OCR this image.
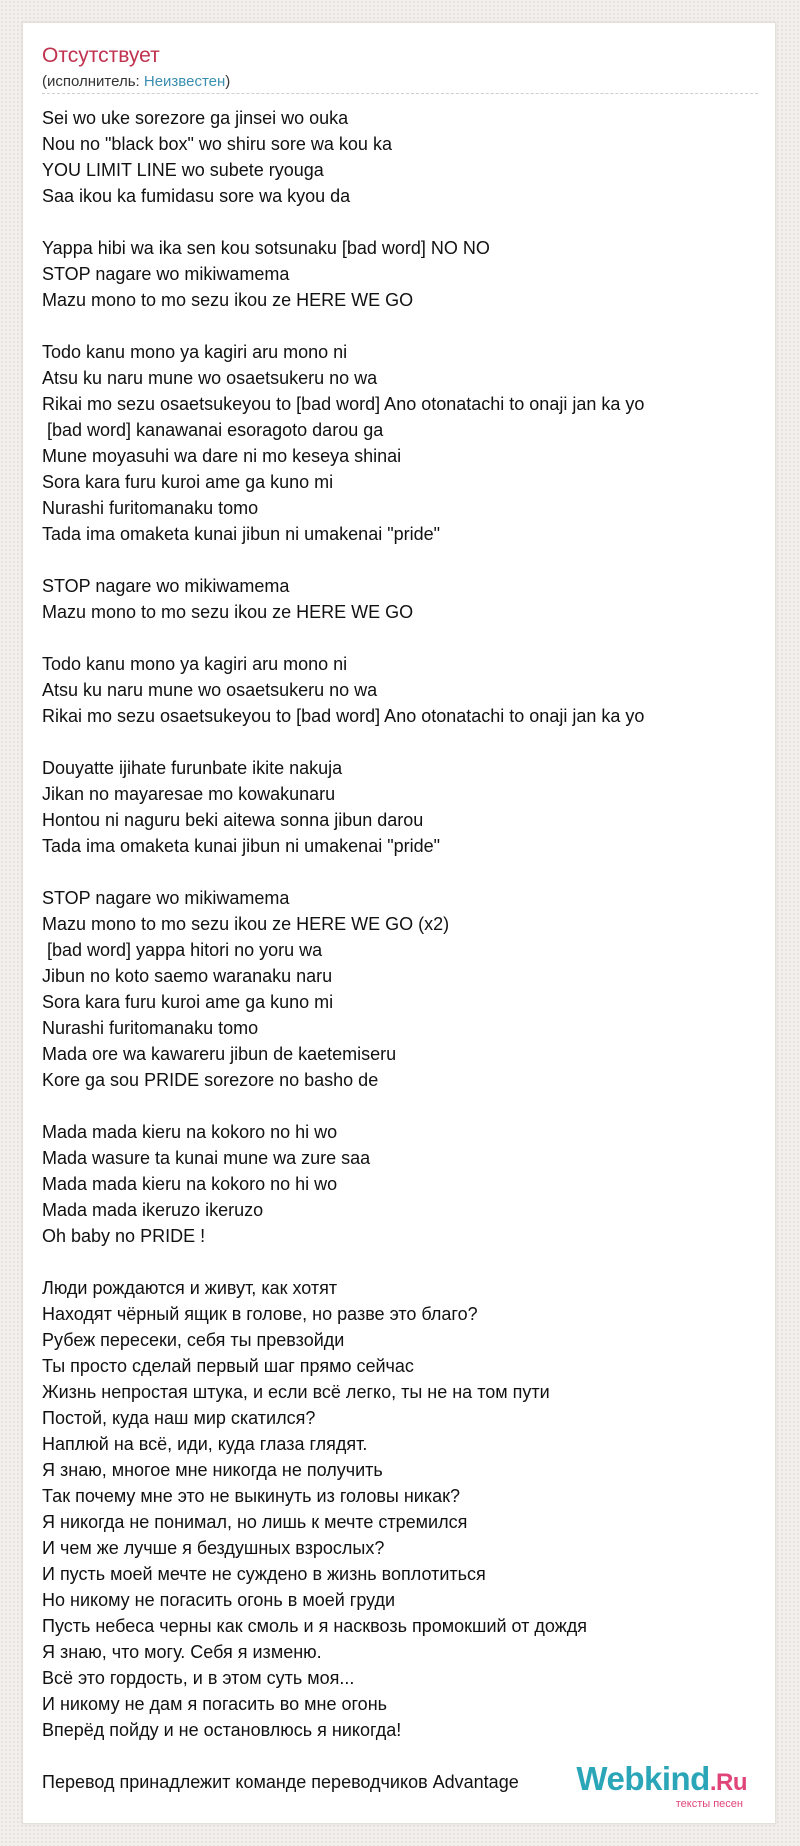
Отсутствует
(исполнитель: Неизвестен)
Sei wo uke sorezore ga jinsei wo ouka
Nou no "black box" wo shiru sore wa kou ka
YOU LIMIT LINE wo subete ryouga
Saa ikou ka fumidasu sore wa kyou da
Yappa hibi wa ika sen kou sotsunaku [bad word] NO NO
STOP nagare wo mikiwamema
Mazu mono to mo sezu ikou ze HERE WE GO
Todo kanu mono ya kagiri aru mono ni
Atsu ku naru mune wo osaetsukeru no wa
Rikai mo sezu osaetsukeyou to [bad word] Ano otonatachi to onaji jan ka yo
[bad word] kanawanai esoragoto darou ga
Mune moyasuhi wa dare ni mo keseya shinai
Sora kara furu kuroi ame ga kuno mi
Nurashi furitomanaku tomo
Tada ima omaketa kunai jibun ni umakenai "pride"
STOP nagare wo mikiwamema
Mazu mono to mo sezu ikou ze HERE WE GO
Todo kanu mono ya kagiri aru mono ni
Atsu ku naru mune wo osaetsukeru no wa
Rikai mo sezu osaetsukeyou to [bad word] Ano otonatachi to onaji jan ka yo
Douyatte ijihate furunbate ikite nakuja
Jikan no mayaresae mo kowakunaru
Hontou ni naguru beki aitewa sonna jibun darou
Tada ima omaketa kunai jibun ni umakenai "pride"
STOP nagare wo mikiwamema
Mazu mono to mo sezu ikou ze HERE WE GO (x2)
[bad word] yappa hitori no yoru wa
Jibun no koto saemo waranaku naru
Sora kara furu kuroi ame ga kuno mi
Nurashi furitomanaku tomo
Mada ore wa kawareru jibun de kaetemiseru
Kore ga sou PRIDE sorezore no basho de
Mada mada kieru na kokoro no hi wo
Mada wasure ta kunai mune wa zure saa
Mada mada kieru na kokoro no hi wo
Mada mada ikeruzo ikeruzo
Oh baby no PRIDE !
Люди рождаются и живут, как хотят
Находят чёрный ящик в голове, но разве это благо?
Рубеж пересеки, себя ты превзойди
Ты просто сделай первый шаг прямо сейчас
Жизнь непростая штука, и если всё легко, ты не на том пути
Постой, куда наш мир скатился?
Наплюй на всё, иди, куда глаза глядят.
Я знаю, многое мне никогда не получить
Так почему мне это не выкинуть из головы никак?
Я никогда не понимал, но лишь к мечте стремился
И чем же лучше я бездушных взрослых?
И пусть моей мечте не суждено в жизнь воплотиться
Но никому не погасить огонь в моей груди
Пусть небеса черны как смоль и я насквозь промокший от дождя
Я знаю, что могу. Себя я изменю.
Всё это гордость, и в этом суть моя...
И никому не дам я погасить во мне огонь
Вперёд пойду и не остановлюсь я никогда!
Перевод принадлежит команде переводчиков Advantage	Webkind.Ru
тексты песен
